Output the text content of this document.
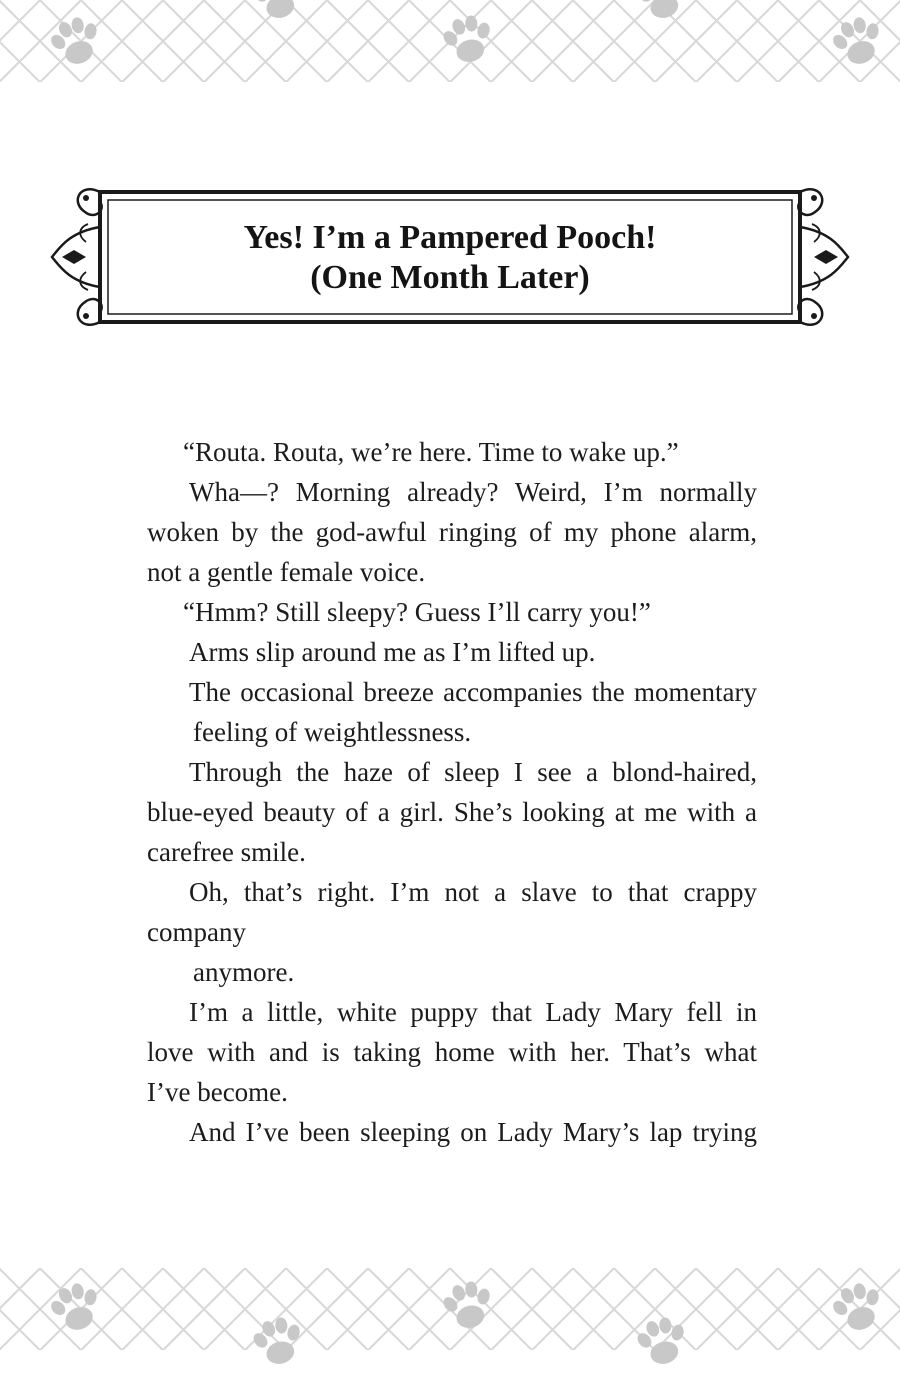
Yes! I’m a Pampered Pooch!
(One Month Later)

“Routa. Routa, we’re here. Time to wake up.”

Wha—? Morning already? Weird, I’m normally

woken by the god-awful ringing of my phone alarm,

not a gentle female voice.

“Hmm? Still sleepy? Guess I’ll carry you!”

Arms slip around me as I’m lifted up.

The occasional breeze accompanies the momentary

feeling of weightlessness.

Through the haze of sleep I see a blond-haired,

blue-eyed beauty of a girl. She’s looking at me with a

carefree smile.

Oh, that’s right. I’m not a slave to that crappy

company

anymore.

I’m a little, white puppy that Lady Mary fell in

love with and is taking home with her. That’s what

I’ve become.

And I’ve been sleeping on Lady Mary’s lap trying
